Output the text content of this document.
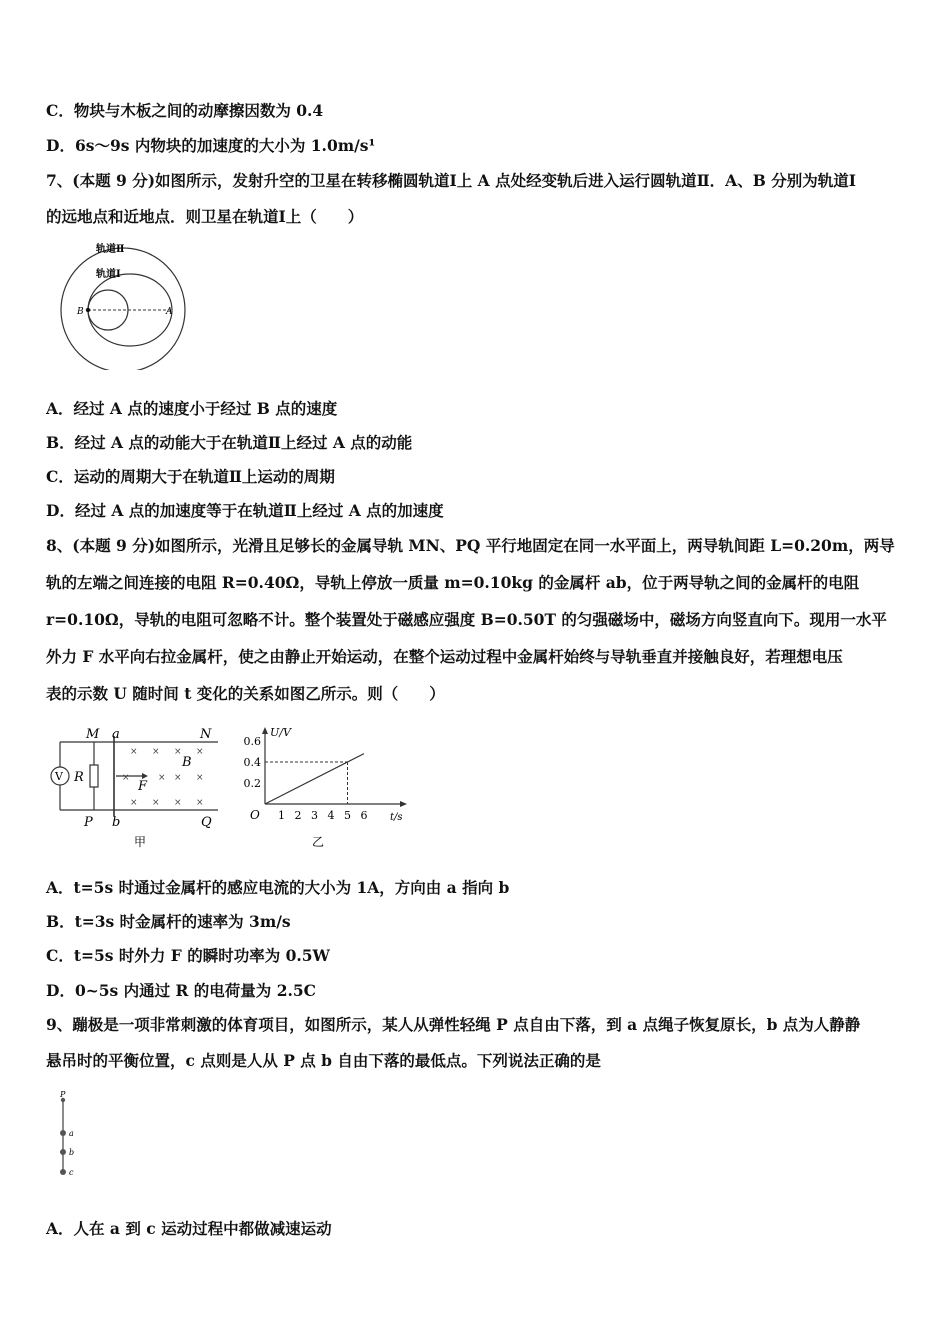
C．物块与木板之间的动摩擦因数为 0.4
D．6s～9s 内物块的加速度的大小为 1.0m/s¹
7、(本题 9 分)如图所示，发射升空的卫星在转移椭圆轨道Ⅰ上 A 点处经变轨后进入运行圆轨道Ⅱ．A、B 分别为轨道Ⅰ
的远地点和近地点．则卫星在轨道Ⅰ上（　　）
轨道Ⅱ
轨道Ⅰ
B	A
A．经过 A 点的速度小于经过 B 点的速度
B．经过 A 点的动能大于在轨道Ⅱ上经过 A 点的动能
C．运动的周期大于在轨道Ⅱ上运动的周期
D．经过 A 点的加速度等于在轨道Ⅱ上经过 A 点的加速度
8、(本题 9 分)如图所示，光滑且足够长的金属导轨 MN、PQ 平行地固定在同一水平面上，两导轨间距 L=0.20m，两导
轨的左端之间连接的电阻 R=0.40Ω，导轨上停放一质量 m=0.10kg 的金属杆 ab，位于两导轨之间的金属杆的电阻
r=0.10Ω，导轨的电阻可忽略不计。整个装置处于磁感应强度 B=0.50T 的匀强磁场中，磁场方向竖直向下。现用一水平
外力 F 水平向右拉金属杆，使之由静止开始运动，在整个运动过程中金属杆始终与导轨垂直并接触良好，若理想电压
表的示数 U 随时间 t 变化的关系如图乙所示。则（　　）
× × × ×
×	× × ×
× × × ×
V R
M a	N
P b	Q
B
F
甲
0.2
0.4
0.6
1 2 3 4 5 6
U/V
t/s
O
乙
A．t=5s 时通过金属杆的感应电流的大小为 1A，方向由 a 指向 b
B．t=3s 时金属杆的速率为 3m/s
C．t=5s 时外力 F 的瞬时功率为 0.5W
D．0~5s 内通过 R 的电荷量为 2.5C
9、蹦极是一项非常刺激的体育项目，如图所示，某人从弹性轻绳 P 点自由下落，到 a 点绳子恢复原长，b 点为人静静
悬吊时的平衡位置，c 点则是人从 P 点 b 自由下落的最低点。下列说法正确的是
P
a
b
c
A．人在 a 到 c 运动过程中都做减速运动
